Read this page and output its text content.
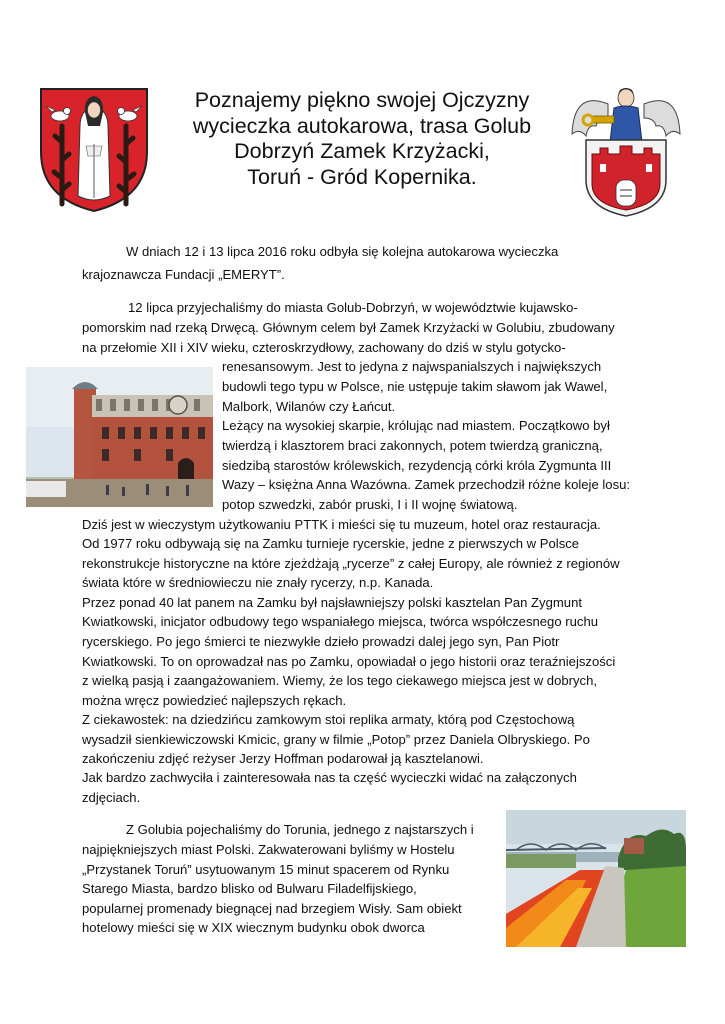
Poznajemy piękno swojej Ojczyzny
wycieczka autokarowa, trasa Golub
Dobrzyń Zamek Krzyżacki,
Toruń - Gród Kopernika.
W dniach 12 i 13 lipca 2016 roku odbyła się kolejna autokarowa wycieczka
krajoznawcza Fundacji „EMERYT”.
12 lipca przyjechaliśmy do miasta Golub-Dobrzyń, w województwie kujawsko-
pomorskim nad rzeką Drwęcą. Głównym celem był Zamek Krzyżacki w Golubiu, zbudowany
na przełomie XII i XIV wieku, czteroskrzydłowy, zachowany do dziś w stylu gotycko-
renesansowym. Jest to jedyna z najwspanialszych i największych
budowli tego typu w Polsce, nie ustępuje takim sławom jak Wawel,
Malbork, Wilanów czy Łańcut.
Leżący na wysokiej skarpie, królując nad miastem. Początkowo był
twierdzą i klasztorem braci zakonnych, potem twierdzą graniczną,
siedzibą starostów królewskich, rezydencją córki króla Zygmunta III
Wazy – księżna Anna Wazówna. Zamek przechodził różne koleje losu:
potop szwedzki, zabór pruski, I i II wojnę światową.
Dziś jest w wieczystym użytkowaniu PTTK i mieści się tu muzeum, hotel oraz restauracja.
Od 1977 roku odbywają się na Zamku turnieje rycerskie, jedne z pierwszych w Polsce
rekonstrukcje historyczne na które zjeżdżają „rycerze” z całej Europy, ale również z regionów
świata które w średniowieczu nie znały rycerzy, n.p. Kanada.
Przez ponad 40 lat panem na Zamku był najsławniejszy polski kasztelan Pan Zygmunt
Kwiatkowski, inicjator odbudowy tego wspaniałego miejsca, twórca współczesnego ruchu
rycerskiego. Po jego śmierci te niezwykłe dzieło prowadzi dalej jego syn, Pan Piotr
Kwiatkowski. To on oprowadzał nas po Zamku, opowiadał o jego historii oraz teraźniejszości
z wielką pasją i zaangażowaniem. Wiemy, że los tego ciekawego miejsca jest w dobrych,
można wręcz powiedzieć najlepszych rękach.
Z ciekawostek: na dziedzińcu zamkowym stoi replika armaty, którą pod Częstochową
wysadził sienkiewiczowski Kmicic, grany w filmie „Potop” przez Daniela Olbryskiego. Po
zakończeniu zdjęć reżyser Jerzy Hoffman podarował ją kasztelanowi.
Jak bardzo zachwyciła i zainteresowała nas ta część wycieczki widać na załączonych
zdjęciach.
Z Golubia pojechaliśmy do Torunia, jednego z najstarszych i
najpiękniejszych miast Polski. Zakwaterowani byliśmy w Hostelu
„Przystanek Toruń” usytuowanym 15 minut spacerem od Rynku
Starego Miasta, bardzo blisko od Bulwaru Filadelfijskiego,
popularnej promenady biegnącej nad brzegiem Wisły. Sam obiekt
hotelowy mieści się w XIX wiecznym budynku obok dworca
